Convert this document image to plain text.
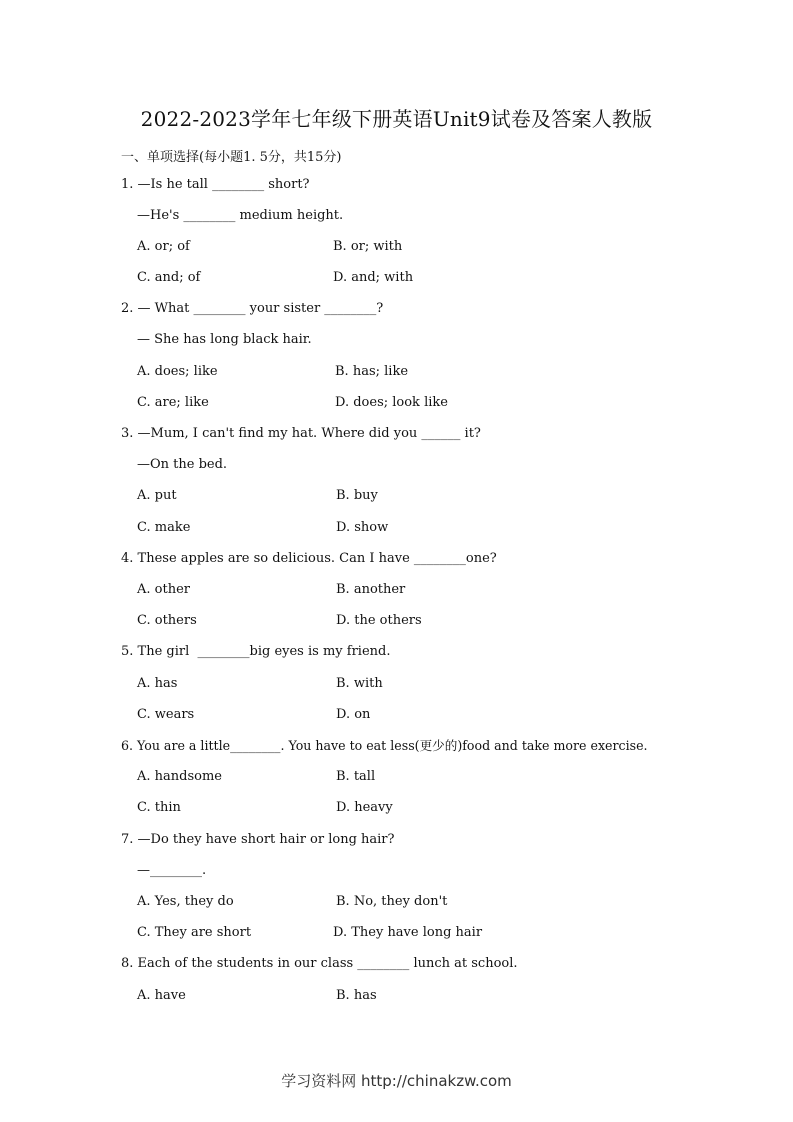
2022-2023学年七年级下册英语Unit9试卷及答案人教版
一、单项选择(每小题1. 5分，共15分)
1. —Is he tall ________ short?
—He's ________ medium height.
A. or; of	B. or; with
C. and; of	D. and; with
2. — What ________ your sister ________?
— She has long black hair.
A. does; like	B. has; like
C. are; like	D. does; look like
3. —Mum, I can't find my hat. Where did you ______ it?
—On the bed.
A. put	B. buy
C. make	D. show
4. These apples are so delicious. Can I have ________one?
A. other	B. another
C. others	D. the others
5. The girl  ________big eyes is my friend.
A. has	B. with
C. wears	D. on
6. You are a little________. You have to eat less(更少的)food and take more exercise.
A. handsome	B. tall
C. thin	D. heavy
7. —Do they have short hair or long hair?
—________.
A. Yes, they do	B. No, they don't
C. They are short	D. They have long hair
8. Each of the students in our class ________ lunch at school.
A. have	B. has
学习资料网 http://chinakzw.com
